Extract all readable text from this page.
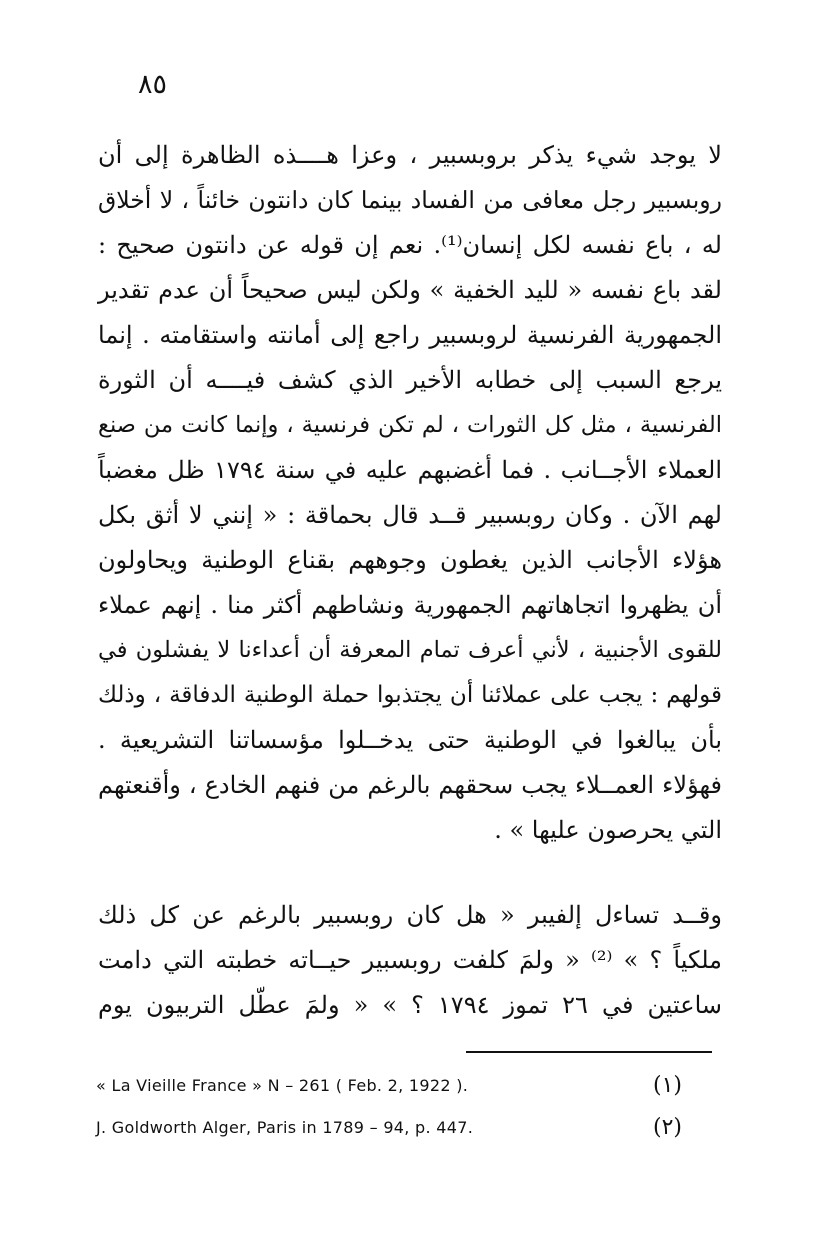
٨٥
لا يوجد شيء يذكر بروبسبير ، وعزا هــــذه الظاهرة إلى أن
روبسبير رجل معافى من الفساد بينما كان دانتون خائناً ، لا أخلاق
له ، باع نفسه لكل إنسان⁽¹⁾. نعم إن قوله عن دانتون صحيح :
لقد باع نفسه « لليد الخفية » ولكن ليس صحيحاً أن عدم تقدير
الجمهورية الفرنسية لروبسبير راجع إلى أمانته واستقامته . إنما
يرجع السبب إلى خطابه الأخير الذي كشف فيــــه أن الثورة
الفرنسية ، مثل كل الثورات ، لم تكن فرنسية ، وإنما كانت من صنع
العملاء الأجــانب . فما أغضبهم عليه في سنة ١٧٩٤ ظل مغضباً
لهم الآن . وكان روبسبير قــد قال بحماقة : « إنني لا أثق بكل
هؤلاء الأجانب الذين يغطون وجوههم بقناع الوطنية ويحاولون
أن يظهروا اتجاهاتهم الجمهورية ونشاطهم أكثر منا . إنهم عملاء
للقوى الأجنبية ، لأني أعرف تمام المعرفة أن أعداءنا لا يفشلون في
قولهم : يجب على عملائنا أن يجتذبوا حملة الوطنية الدفاقة ، وذلك
بأن يبالغوا في الوطنية حتى يدخــلوا مؤسساتنا التشريعية .
فهؤلاء العمــلاء يجب سحقهم بالرغم من فنهم الخادع ، وأقنعتهم
التي يحرصون عليها » .
وقــد تساءل إلفيبر « هل كان روبسبير بالرغم عن كل ذلك
ملكياً ؟ » ⁽²⁾ « ولمَ كلفت روبسبير حيــاته خطبته التي دامت
ساعتين في ٢٦ تموز ١٧٩٤ ؟ » « ولمَ عطّل التربيون يوم
« La Vieille France » N – 261 ( Feb. 2, 1922 ).	(١)
J. Goldworth Alger, Paris in 1789 – 94, p. 447.	(٢)
